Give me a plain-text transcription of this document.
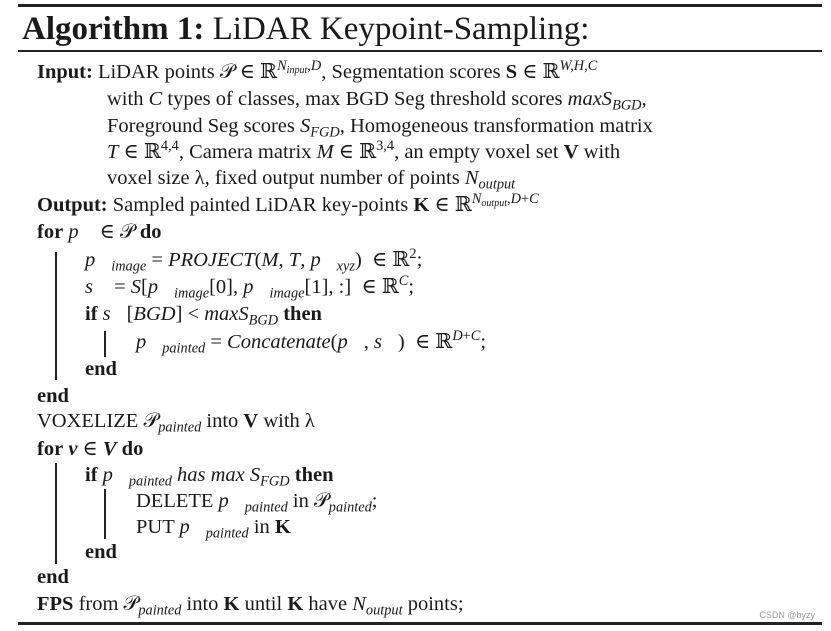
Algorithm 1: LiDAR Keypoint-Sampling:
Input: LiDAR points 𝒫 ∈ ℝ$^{N_{input},D}$, Segmentation scores S ∈ ℝ$^{W,H,C}$
with C types of classes, max BGD Seg threshold scores maxS$_{BGD}$,
Foreground Seg scores $S_{FGD}$, Homogeneous transformation matrix
T ∈ ℝ$^{4,4}$, Camera matrix M ∈ ℝ$^{3,4}$, an empty voxel set V with
voxel size λ, fixed output number of points $N_{output}$
Output: Sampled painted LiDAR key-points K ∈ ℝ$^{N_{output},D+C}$
for p⃗ ∈ 𝒫 do
$p⃗_{image}$ = PROJECT(M, T, $p⃗_{xyz}$)  ∈ ℝ$^2$;
s⃗ = $S[p⃗_{image}[0]$, $p⃗_{image}[1]$, :]  ∈ ℝ$^C$;
if s⃗[BGD] < maxS$_{BGD}$ then
$p⃗_{painted}$ = Concatenate(p⃗, s⃗)  ∈ ℝ$^{D+C}$;
end
end
VOXELIZE 𝒫$_{painted}$ into V with λ
for v ∈ V do
if $p⃗_{painted}$ has $\max S_{FGD}$ then
DELETE $p⃗_{painted}$ in 𝒫$_{painted}$;
PUT $p⃗_{painted}$ in K
end
end
FPS from 𝒫$_{painted}$ into K until K have $N_{output}$ points;	CSDN @byzy
